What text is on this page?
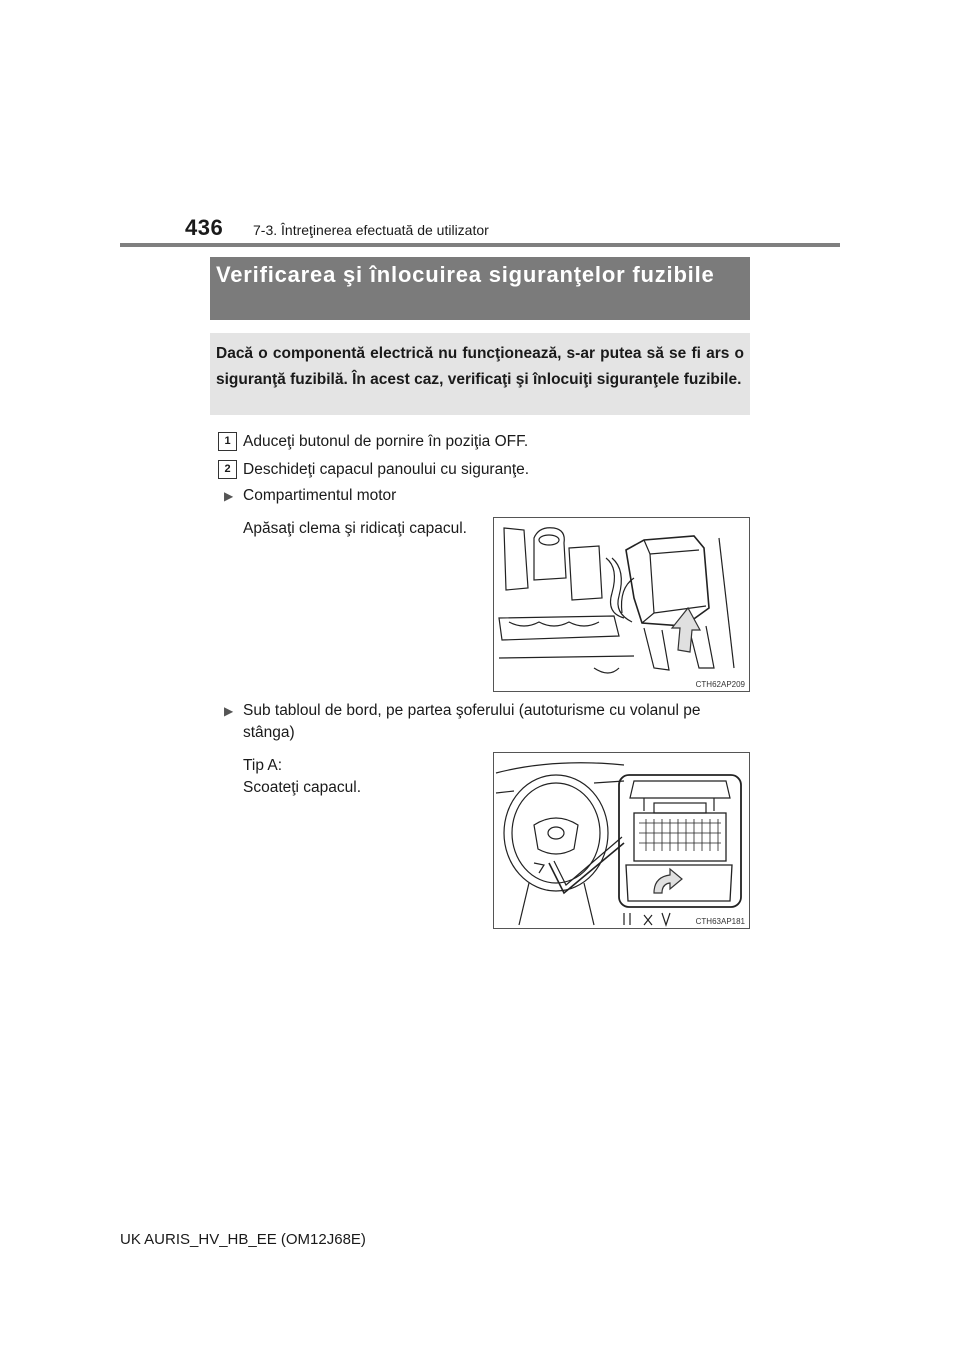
436 7-3. Întreţinerea efectuată de utilizator
Verificarea şi înlocuirea siguranţelor fuzibile
Dacă o componentă electrică nu funcţionează, s-ar putea să se fi ars o siguranţă fuzibilă. În acest caz, verificaţi şi înlocuiţi siguranţele fuzibile.
1 Aduceţi butonul de pornire în poziţia OFF.
2 Deschideţi capacul panoului cu siguranţe.
▶ Compartimentul motor
Apăsaţi clema şi ridicaţi capacul.
CTH62AP209
▶ Sub tabloul de bord, pe partea şoferului (autoturisme cu volanul pe
stânga)
Tip A:
Scoateţi capacul.
CTH63AP181
UK AURIS_HV_HB_EE (OM12J68E)
